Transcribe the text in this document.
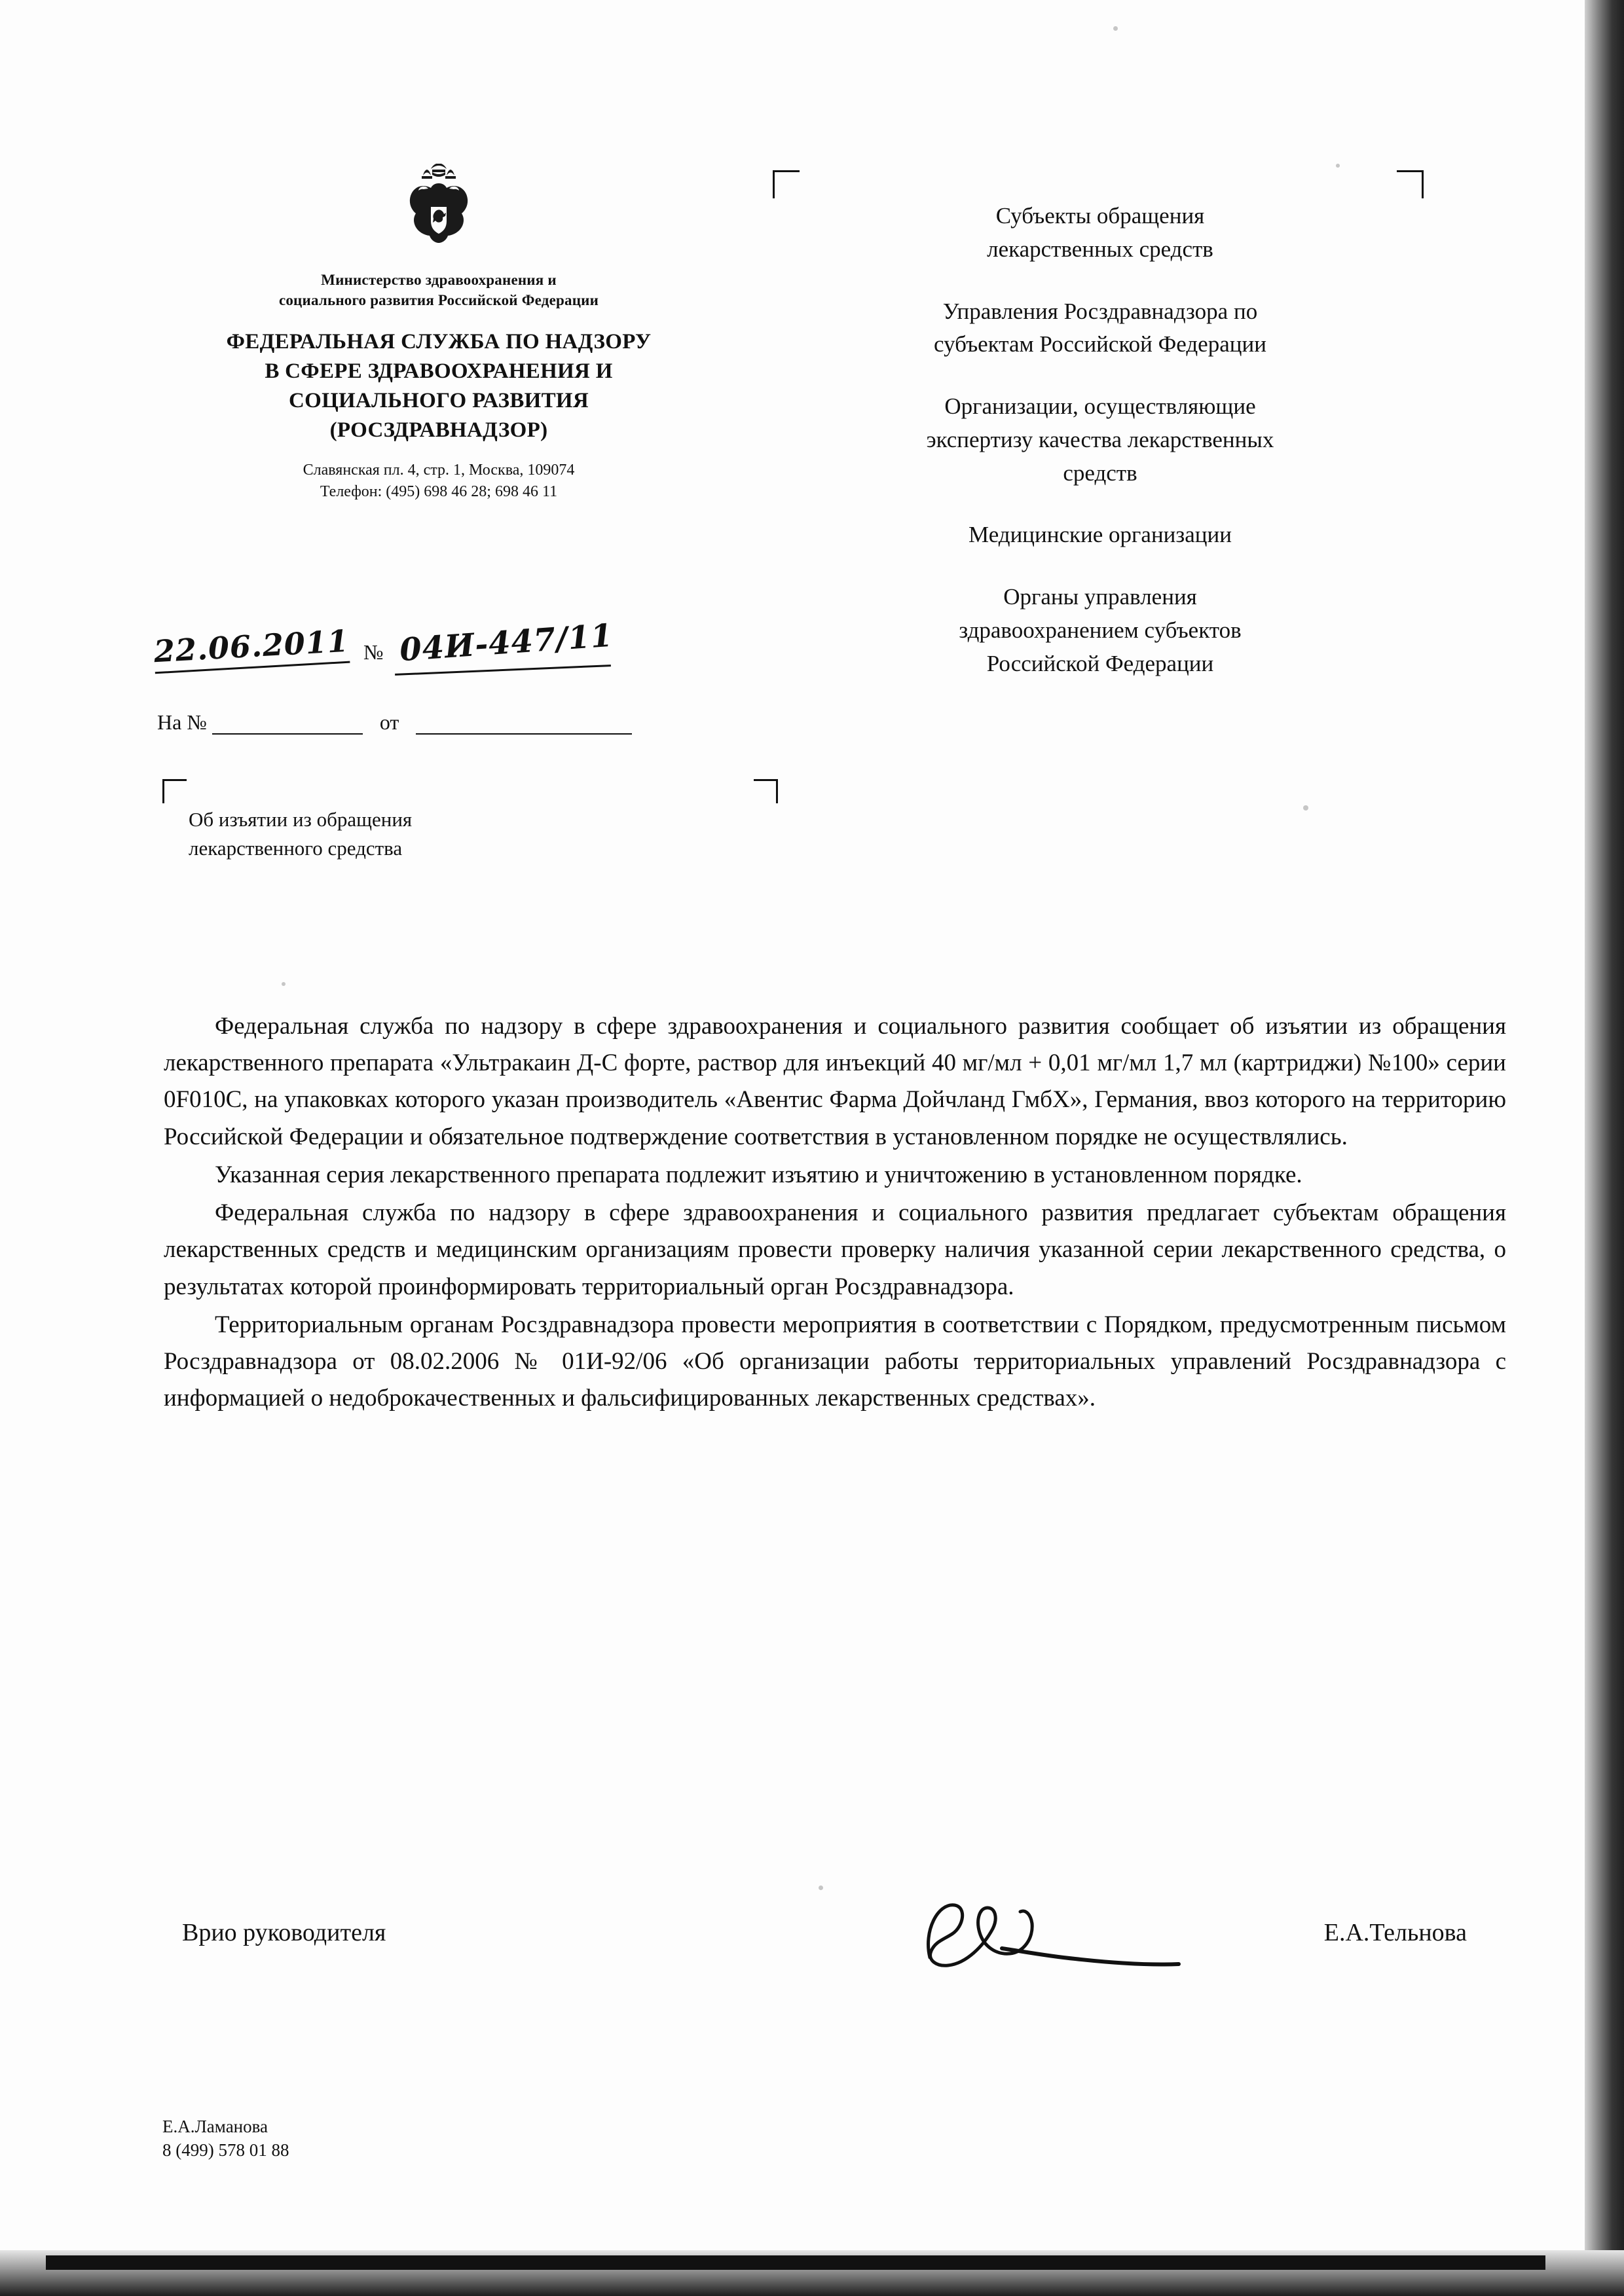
Министерство здравоохранения и
социального развития Российской Федерации
ФЕДЕРАЛЬНАЯ СЛУЖБА ПО НАДЗОРУ
В СФЕРЕ ЗДРАВООХРАНЕНИЯ И
СОЦИАЛЬНОГО РАЗВИТИЯ
(РОСЗДРАВНАДЗОР)
Славянская пл. 4, стр. 1, Москва, 109074
Телефон: (495) 698 46 28; 698 46 11
22.06.2011 № 04И-447/11
На №	от

Об изъятии из обращения

лекарственного средства

Субъекты обращения
лекарственных средств
Управления Росздравнадзора по
субъектам Российской Федерации
Организации, осуществляющие
экспертизу качества лекарственных
средств
Медицинские организации
Органы управления
здравоохранением субъектов
Российской Федерации

Федеральная служба по надзору в сфере здравоохранения и социального развития сообщает об изъятии из обращения лекарственного препарата «Ультракаин Д-С форте, раствор для инъекций 40 мг/мл + 0,01 мг/мл 1,7 мл (картриджи) №100» серии 0F010C, на упаковках которого указан производитель «Авентис Фарма Дойчланд ГмбХ», Германия, ввоз которого на территорию Российской Федерации и обязательное подтверждение соответствия в установленном порядке не осуществлялись.

Указанная серия лекарственного препарата подлежит изъятию и уничтожению в установленном порядке.

Федеральная служба по надзору в сфере здравоохранения и социального развития предлагает субъектам обращения лекарственных средств и медицинским организациям провести проверку наличия указанной серии лекарственного средства, о результатах которой проинформировать территориальный орган Росздравнадзора.

Территориальным органам Росздравнадзора провести мероприятия в соответствии с Порядком, предусмотренным письмом Росздравнадзора от 08.02.2006 № 01И-92/06 «Об организации работы территориальных управлений Росздравнадзора с информацией о недоброкачественных и фальсифицированных лекарственных средствах».

Врио руководителя	Е.А.Тельнова
Е.А.Ламанова
8 (499) 578 01 88
